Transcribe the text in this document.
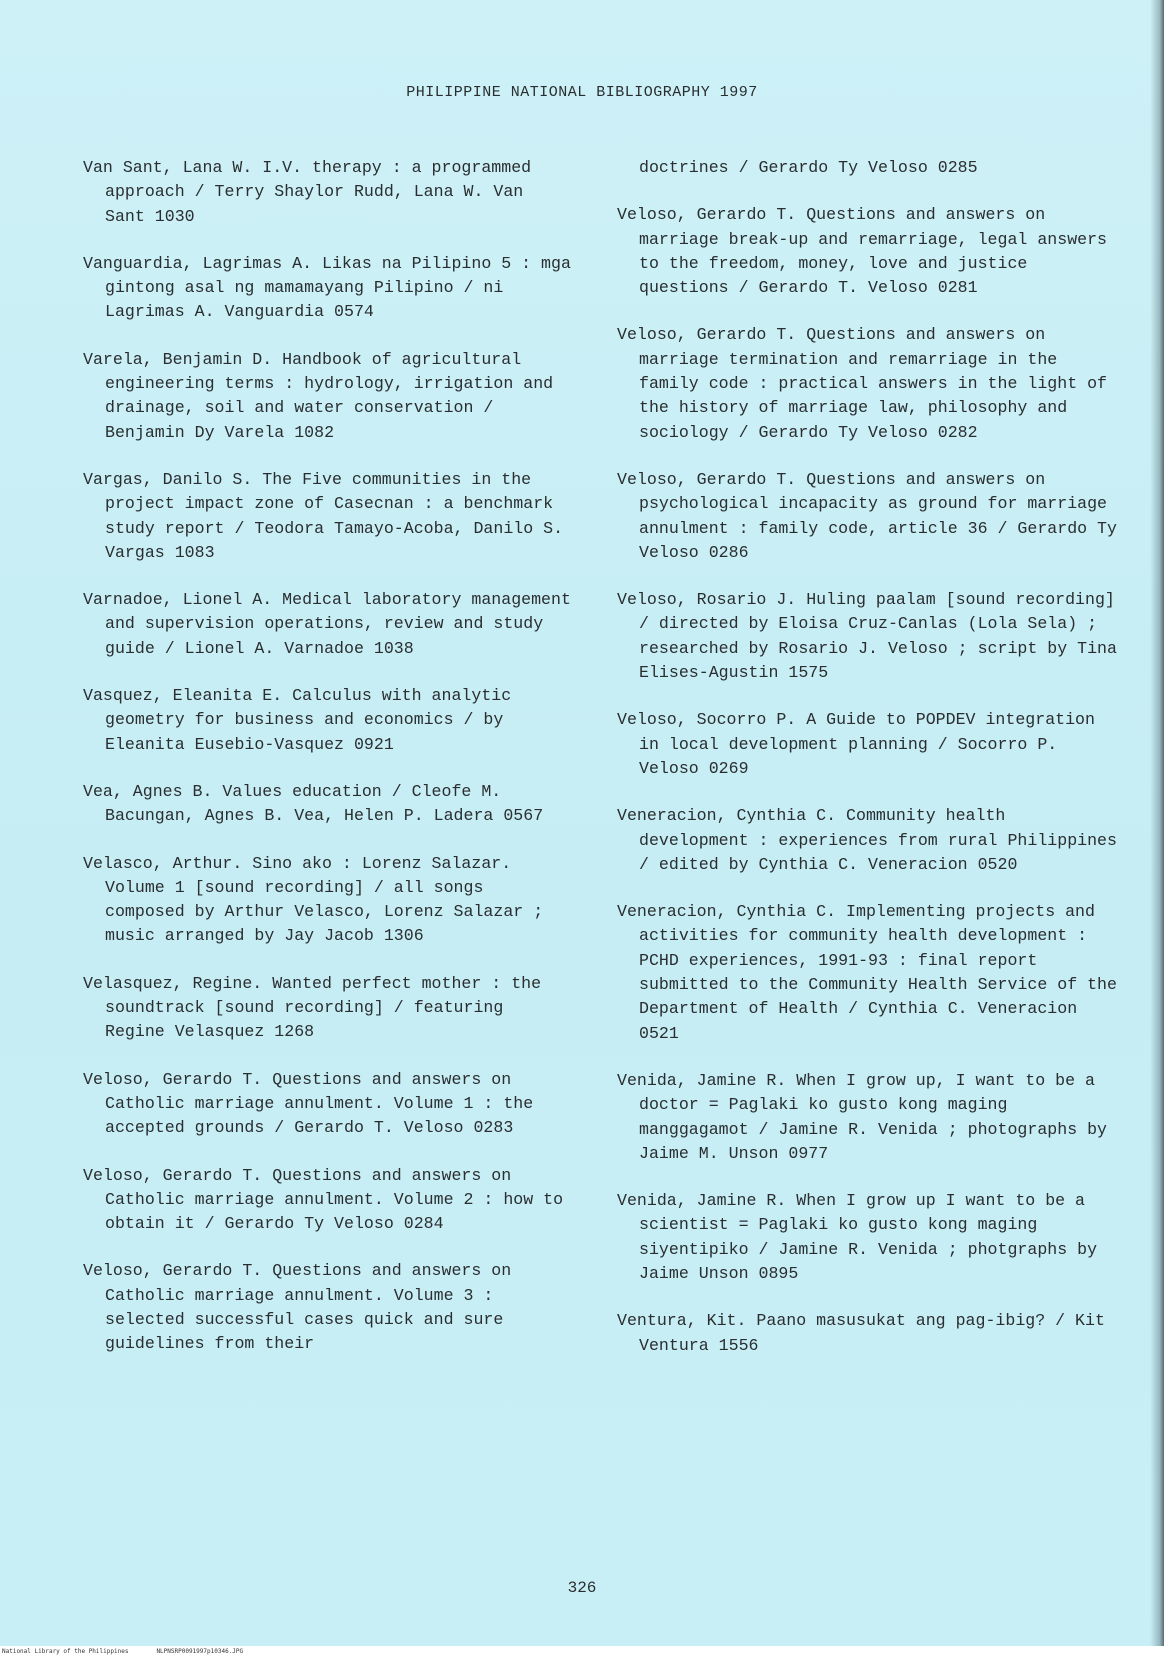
PHILIPPINE NATIONAL BIBLIOGRAPHY 1997

Van Sant, Lana W. I.V. therapy : a programmed approach / Terry Shaylor Rudd, Lana W. Van Sant 1030

Vanguardia, Lagrimas A. Likas na Pilipino 5 : mga gintong asal ng mamamayang Pilipino / ni Lagrimas A. Vanguardia 0574

Varela, Benjamin D. Handbook of agricultural engineering terms : hydrology, irrigation and drainage, soil and water conservation / Benjamin Dy Varela 1082

Vargas, Danilo S. The Five communities in the project impact zone of Casecnan : a benchmark study report / Teodora Tamayo-Acoba, Danilo S. Vargas 1083

Varnadoe, Lionel A. Medical laboratory management and supervision operations, review and study guide / Lionel A. Varnadoe 1038

Vasquez, Eleanita E. Calculus with analytic geometry for business and economics / by Eleanita Eusebio-Vasquez 0921

Vea, Agnes B. Values education / Cleofe M. Bacungan, Agnes B. Vea, Helen P. Ladera 0567

Velasco, Arthur. Sino ako : Lorenz Salazar. Volume 1 [sound recording] / all songs composed by Arthur Velasco, Lorenz Salazar ; music arranged by Jay Jacob 1306

Velasquez, Regine. Wanted perfect mother : the soundtrack [sound recording] / featuring Regine Velasquez 1268

Veloso, Gerardo T. Questions and answers on Catholic marriage annulment. Volume 1 : the accepted grounds / Gerardo T. Veloso 0283

Veloso, Gerardo T. Questions and answers on Catholic marriage annulment. Volume 2 : how to obtain it / Gerardo Ty Veloso 0284

Veloso, Gerardo T. Questions and answers on Catholic marriage annulment. Volume 3 : selected successful cases quick and sure guidelines from their

doctrines / Gerardo Ty Veloso 0285

Veloso, Gerardo T. Questions and answers on marriage break-up and remarriage, legal answers to the freedom, money, love and justice questions / Gerardo T. Veloso 0281

Veloso, Gerardo T. Questions and answers on marriage termination and remarriage in the family code : practical answers in the light of the history of marriage law, philosophy and sociology / Gerardo Ty Veloso 0282

Veloso, Gerardo T. Questions and answers on psychological incapacity as ground for marriage annulment : family code, article 36 / Gerardo Ty Veloso 0286

Veloso, Rosario J. Huling paalam [sound recording] / directed by Eloisa Cruz-Canlas (Lola Sela) ; researched by Rosario J. Veloso ; script by Tina Elises-Agustin 1575

Veloso, Socorro P. A Guide to POPDEV integration in local development planning / Socorro P. Veloso 0269

Veneracion, Cynthia C. Community health development : experiences from rural Philippines / edited by Cynthia C. Veneracion 0520

Veneracion, Cynthia C. Implementing projects and activities for community health development : PCHD experiences, 1991-93 : final report submitted to the Community Health Service of the Department of Health / Cynthia C. Veneracion 0521

Venida, Jamine R. When I grow up, I want to be a doctor = Paglaki ko gusto kong maging manggagamot / Jamine R. Venida ; photographs by Jaime M. Unson 0977

Venida, Jamine R. When I grow up I want to be a scientist = Paglaki ko gusto kong maging siyentipiko / Jamine R. Venida ; photgraphs by Jaime Unson 0895

Ventura, Kit. Paano masusukat ang pag-ibig? / Kit Ventura 1556

326
National Library of the Philippines	NLPNSRP0091997p10346.JPG
